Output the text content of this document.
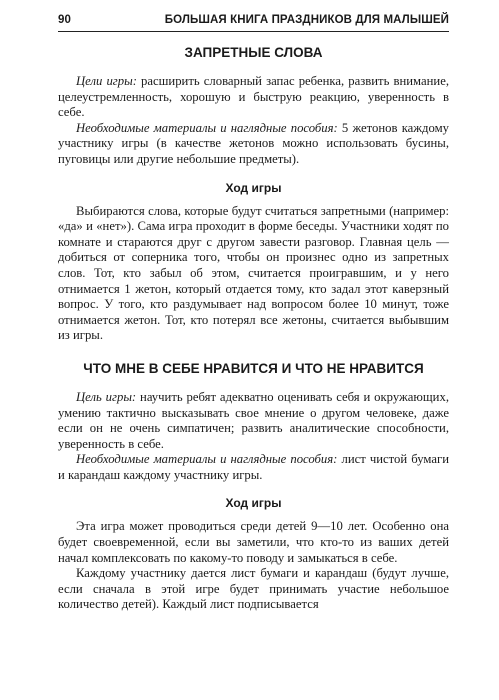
90	БОЛЬШАЯ КНИГА ПРАЗДНИКОВ ДЛЯ МАЛЫШЕЙ
ЗАПРЕТНЫЕ СЛОВА

Цели игры: расширить словарный запас ребенка, развить внимание, целеустремленность, хорошую и быструю реакцию, уверенность в себе.

Необходимые материалы и наглядные пособия: 5 жетонов каждому участнику игры (в качестве жетонов можно использовать бусины, пуговицы или другие небольшие предметы).

Ход игры

Выбираются слова, которые будут считаться запретными (например: «да» и «нет»). Сама игра проходит в форме беседы. Участники ходят по комнате и стараются друг с другом завести разговор. Главная цель — добиться от соперника того, чтобы он произнес одно из запретных слов. Тот, кто забыл об этом, считается проигравшим, и у него отнимается 1 жетон, который отдается тому, кто задал этот каверзный вопрос. У того, кто раздумывает над вопросом более 10 минут, тоже отнимается жетон. Тот, кто потерял все жетоны, считается выбывшим из игры.

ЧТО МНЕ В СЕБЕ НРАВИТСЯ И ЧТО НЕ НРАВИТСЯ

Цель игры: научить ребят адекватно оценивать себя и окружающих, умению тактично высказывать свое мнение о другом человеке, даже если он не очень симпатичен; развить аналитические способности, уверенность в себе.

Необходимые материалы и наглядные пособия: лист чистой бумаги и карандаш каждому участнику игры.

Ход игры

Эта игра может проводиться среди детей 9—10 лет. Особенно она будет своевременной, если вы заметили, что кто-то из ваших детей начал комплексовать по какому-то поводу и замыкаться в себе.

Каждому участнику дается лист бумаги и карандаш (будут лучше, если сначала в этой игре будет принимать участие небольшое количество детей). Каждый лист подписывается
